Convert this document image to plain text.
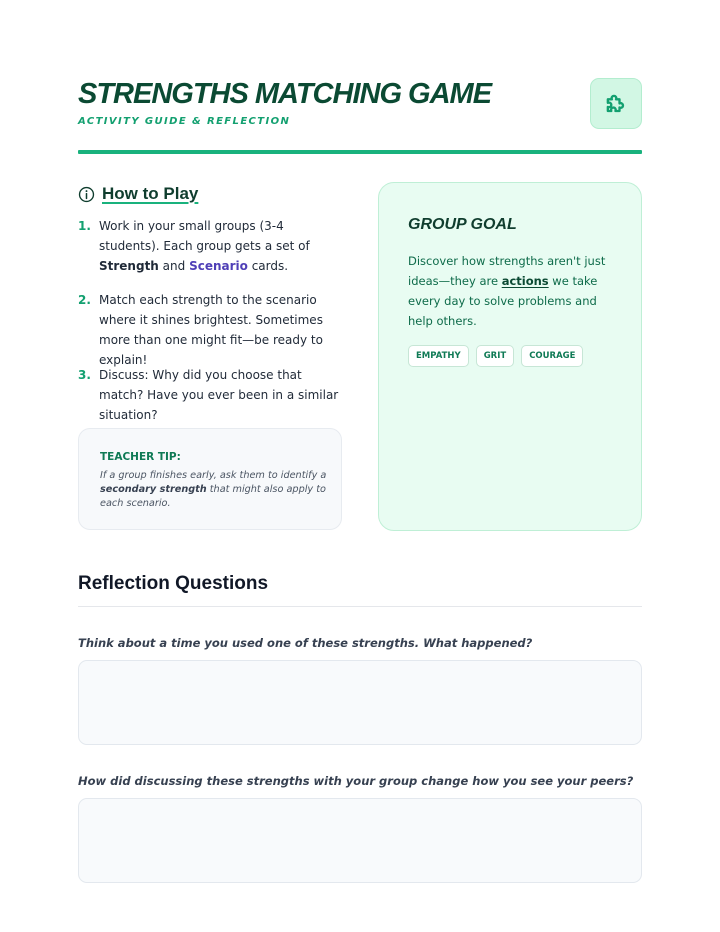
STRENGTHS MATCHING GAME
ACTIVITY GUIDE & REFLECTION
How to Play
1. Work in your small groups (3-4 students). Each group gets a set of Strength and Scenario cards.
2. Match each strength to the scenario where it shines brightest. Sometimes more than one might fit—be ready to explain!
3. Discuss: Why did you choose that match? Have you ever been in a similar situation?
TEACHER TIP:
If a group finishes early, ask them to identify a secondary strength that might also apply to each scenario.
GROUP GOAL
Discover how strengths aren't just ideas—they are actions we take every day to solve problems and help others.
EMPATHY	GRIT	COURAGE
Reflection Questions
Think about a time you used one of these strengths. What happened?
How did discussing these strengths with your group change how you see your peers?
